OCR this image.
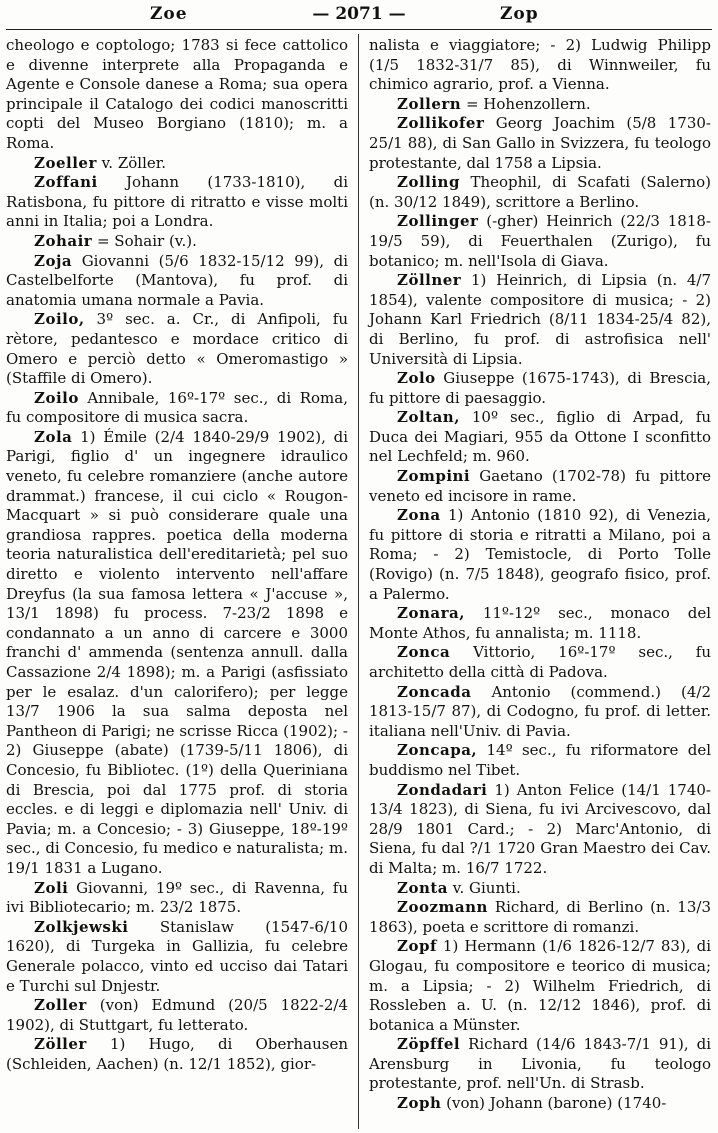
Zoe	— 2071 —	Zop

cheologo e coptologo; 1783 si fece cattolico e divenne interprete alla Propaganda e Agente e Console danese a Roma; sua opera principale il Catalogo dei codici manoscritti copti del Museo Borgiano (1810); m. a Roma.

Zoeller v. Zöller.

Zoffani Johann (1733-1810), di Ratisbona, fu pittore di ritratto e visse molti anni in Italia; poi a Londra.

Zohair = Sohair (v.).

Zoja Giovanni (5/6 1832-15/12 99), di Castelbelforte (Mantova), fu prof. di anatomia umana normale a Pavia.

Zoilo, 3º sec. a. Cr., di Anfipoli, fu rètore, pedantesco e mordace critico di Omero e perciò detto « Omeromastigo » (Staffile di Omero).

Zoilo Annibale, 16º-17º sec., di Roma, fu compositore di musica sacra.

Zola 1) Émile (2/4 1840-29/9 1902), di Parigi, figlio d' un ingegnere idraulico veneto, fu celebre romanziere (anche autore drammat.) francese, il cui ciclo « Rougon-Macquart » si può considerare quale una grandiosa rappres. poetica della moderna teoria naturalistica dell'ereditarietà; pel suo diretto e violento intervento nell'affare Dreyfus (la sua famosa lettera « J'accuse », 13/1 1898) fu process. 7-23/2 1898 e condannato a un anno di carcere e 3000 franchi d' ammenda (sentenza annull. dalla Cassazione 2/4 1898); m. a Parigi (asfissiato per le esalaz. d'un calorifero); per legge 13/7 1906 la sua salma deposta nel Pantheon di Parigi; ne scrisse Ricca (1902); - 2) Giuseppe (abate) (1739-5/11 1806), di Concesio, fu Bibliotec. (1º) della Queriniana di Brescia, poi dal 1775 prof. di storia eccles. e di leggi e diplomazia nell' Univ. di Pavia; m. a Concesio; - 3) Giuseppe, 18º-19º sec., di Concesio, fu medico e naturalista; m. 19/1 1831 a Lugano.

Zoli Giovanni, 19º sec., di Ravenna, fu ivi Bibliotecario; m. 23/2 1875.

Zolkjewski Stanislaw (1547-6/10 1620), di Turgeka in Gallizia, fu celebre Generale polacco, vinto ed ucciso dai Tatari e Turchi sul Dnjestr.

Zoller (von) Edmund (20/5 1822-2/4 1902), di Stuttgart, fu letterato.

Zöller 1) Hugo, di Oberhausen (Schleiden, Aachen) (n. 12/1 1852), gior-

nalista e viaggiatore; - 2) Ludwig Philipp (1/5 1832-31/7 85), di Winnweiler, fu chimico agrario, prof. a Vienna.

Zollern = Hohenzollern.

Zollikofer Georg Joachim (5/8 1730-25/1 88), di San Gallo in Svizzera, fu teologo protestante, dal 1758 a Lipsia.

Zolling Theophil, di Scafati (Salerno) (n. 30/12 1849), scrittore a Berlino.

Zollinger (-gher) Heinrich (22/3 1818-19/5 59), di Feuerthalen (Zurigo), fu botanico; m. nell'Isola di Giava.

Zöllner 1) Heinrich, di Lipsia (n. 4/7 1854), valente compositore di musica; - 2) Johann Karl Friedrich (8/11 1834-25/4 82), di Berlino, fu prof. di astrofisica nell' Università di Lipsia.

Zolo Giuseppe (1675-1743), di Brescia, fu pittore di paesaggio.

Zoltan, 10º sec., figlio di Arpad, fu Duca dei Magiari, 955 da Ottone I sconfitto nel Lechfeld; m. 960.

Zompini Gaetano (1702-78) fu pittore veneto ed incisore in rame.

Zona 1) Antonio (1810 92), di Venezia, fu pittore di storia e ritratti a Milano, poi a Roma; - 2) Temistocle, di Porto Tolle (Rovigo) (n. 7/5 1848), geografo fisico, prof. a Palermo.

Zonara, 11º-12º sec., monaco del Monte Athos, fu annalista; m. 1118.

Zonca Vittorio, 16º-17º sec., fu architetto della città di Padova.

Zoncada Antonio (commend.) (4/2 1813-15/7 87), di Codogno, fu prof. di letter. italiana nell'Univ. di Pavia.

Zoncapa, 14º sec., fu riformatore del buddismo nel Tibet.

Zondadari 1) Anton Felice (14/1 1740-13/4 1823), di Siena, fu ivi Arcivescovo, dal 28/9 1801 Card.; - 2) Marc'Antonio, di Siena, fu dal ?/1 1720 Gran Maestro dei Cav. di Malta; m. 16/7 1722.

Zonta v. Giunti.

Zoozmann Richard, di Berlino (n. 13/3 1863), poeta e scrittore di romanzi.

Zopf 1) Hermann (1/6 1826-12/7 83), di Glogau, fu compositore e teorico di musica; m. a Lipsia; - 2) Wilhelm Friedrich, di Rossleben a. U. (n. 12/12 1846), prof. di botanica a Münster.

Zöpffel Richard (14/6 1843-7/1 91), di Arensburg in Livonia, fu teologo protestante, prof. nell'Un. di Strasb.

Zoph (von) Johann (barone) (1740-
